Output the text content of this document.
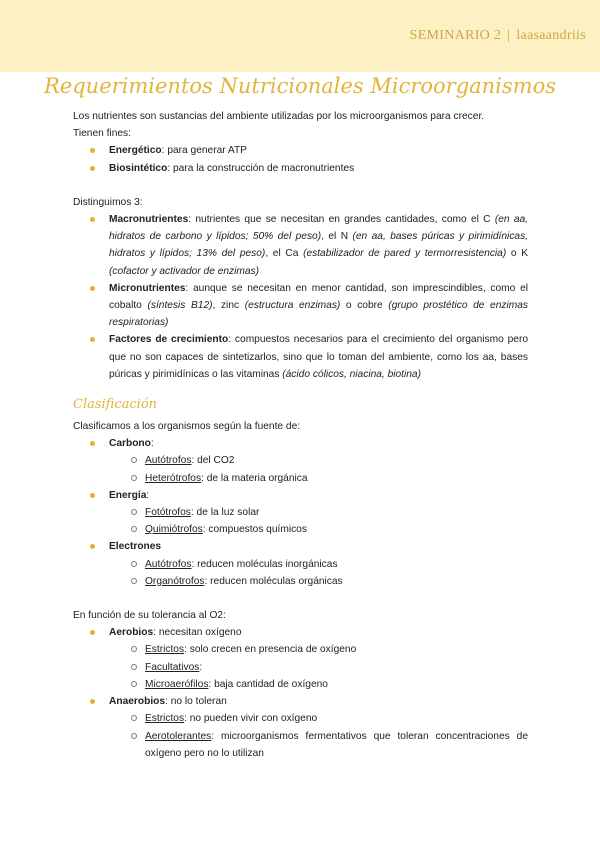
SEMINARIO 2 | laasaandriis
Requerimientos Nutricionales Microorganismos

Los nutrientes son sustancias del ambiente utilizadas por los microorganismos para crecer.

Tienen fines:

Energético: para generar ATP
Biosintético: para la construcción de macronutrientes

Distinguimos 3:

Macronutrientes: nutrientes que se necesitan en grandes cantidades, como el C (en aa, hidratos de carbono y lípidos; 50% del peso), el N (en aa, bases púricas y pirimidínicas, hidratos y lípidos; 13% del peso), el Ca (estabilizador de pared y termorresistencia) o K (cofactor y activador de enzimas)
Micronutrientes: aunque se necesitan en menor cantidad, son imprescindibles, como el cobalto (síntesis B12), zinc (estructura enzimas) o cobre (grupo prostético de enzimas respiratorias)
Factores de crecimiento: compuestos necesarios para el crecimiento del organismo pero que no son capaces de sintetizarlos, sino que lo toman del ambiente, como los aa, bases púricas y pirimidínicas o las vitaminas (ácido cólicos, niacina, biotina)
Clasificación

Clasificamos a los organismos según la fuente de:

Carbono:
Autótrofos: del CO2
Heterótrofos: de la materia orgánica
Energía:
Fotótrofos: de la luz solar
Quimiótrofos: compuestos químicos
Electrones
Autótrofos: reducen moléculas inorgánicas
Organótrofos: reducen moléculas orgánicas

En función de su tolerancia al O2:

Aerobios: necesitan oxígeno
Estrictos: solo crecen en presencia de oxígeno
Facultativos:
Microaerófilos: baja cantidad de oxígeno
Anaerobios: no lo toleran
Estrictos: no pueden vivir con oxígeno
Aerotolerantes: microorganismos fermentativos que toleran concentraciones de oxígeno pero no lo utilizan
